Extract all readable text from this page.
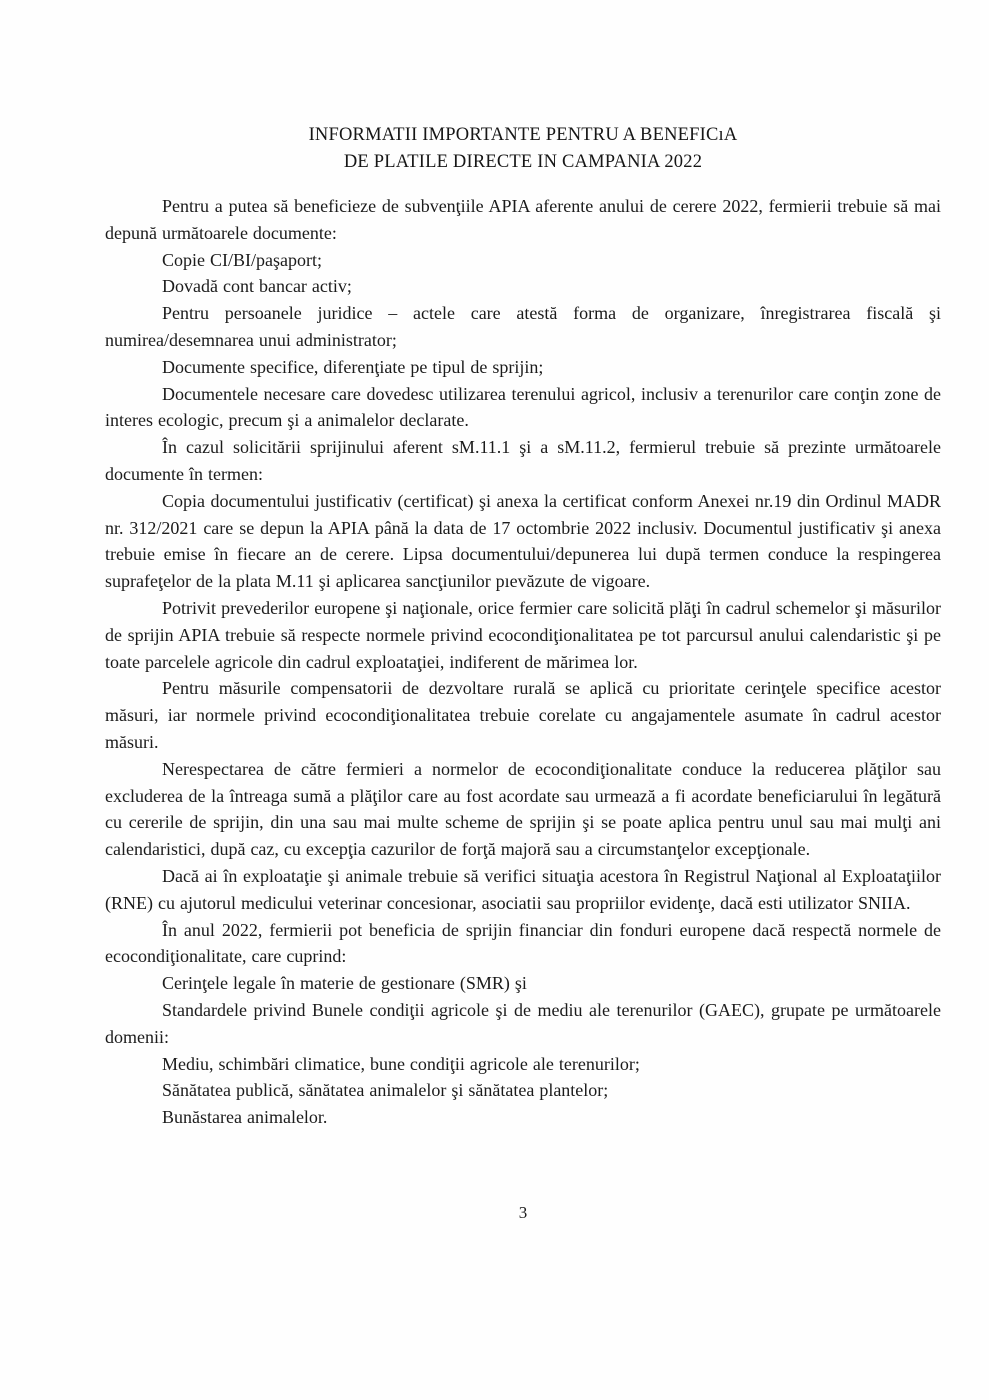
INFORMATII IMPORTANTE PENTRU A BENEFICıA
DE PLATILE DIRECTE IN CAMPANIA 2022

Pentru a putea să beneficieze de subvenţiile APIA aferente anului de cerere 2022, fermierii trebuie să mai depună următoarele documente:

Copie CI/BI/paşaport;

Dovadă cont bancar activ;

Pentru persoanele juridice – actele care atestă forma de organizare, înregistrarea fiscală şi numirea/desemnarea unui administrator;

Documente specifice, diferenţiate pe tipul de sprijin;

Documentele necesare care dovedesc utilizarea terenului agricol, inclusiv a terenurilor care conţin zone de interes ecologic, precum şi a animalelor declarate.

În cazul solicitării sprijinului aferent sM.11.1 şi a sM.11.2, fermierul trebuie să prezinte următoarele documente în termen:

Copia documentului justificativ (certificat) şi anexa la certificat conform Anexei nr.19 din Ordinul MADR nr. 312/2021 care se depun la APIA până la data de 17 octombrie 2022 inclusiv. Documentul justificativ şi anexa trebuie emise în fiecare an de cerere. Lipsa documentului/depunerea lui după termen conduce la respingerea suprafeţelor de la plata M.11 şi aplicarea sancţiunilor pıevăzute de vigoare.

Potrivit prevederilor europene şi naţionale, orice fermier care solicită plăţi în cadrul schemelor şi măsurilor de sprijin APIA trebuie să respecte normele privind ecocondiţionalitatea pe tot parcursul anului calendaristic şi pe toate parcelele agricole din cadrul exploataţiei, indiferent de mărimea lor.

Pentru măsurile compensatorii de dezvoltare rurală se aplică cu prioritate cerinţele specifice acestor măsuri, iar normele privind ecocondiţionalitatea trebuie corelate cu angajamentele asumate în cadrul acestor măsuri.

Nerespectarea de către fermieri a normelor de ecocondiţionalitate conduce la reducerea plăţilor sau excluderea de la întreaga sumă a plăţilor care au fost acordate sau urmează a fi acordate beneficiarului în legătură cu cererile de sprijin, din una sau mai multe scheme de sprijin şi se poate aplica pentru unul sau mai mulţi ani calendaristici, după caz, cu excepţia cazurilor de forţă majoră sau a circumstanţelor excepţionale.

Dacă ai în exploataţie şi animale trebuie să verifici situaţia acestora în Registrul Naţional al Exploataţiilor (RNE) cu ajutorul medicului veterinar concesionar, asociatii sau propriilor evidenţe, dacă esti utilizator SNIIA.

În anul 2022, fermierii pot beneficia de sprijin financiar din fonduri europene dacă respectă normele de ecocondiţionalitate, care cuprind:

Cerinţele legale în materie de gestionare (SMR) şi

Standardele privind Bunele condiţii agricole şi de mediu ale terenurilor (GAEC), grupate pe următoarele domenii:

Mediu, schimbări climatice, bune condiţii agricole ale terenurilor;

Sănătatea publică, sănătatea animalelor şi sănătatea plantelor;

Bunăstarea animalelor.

3
